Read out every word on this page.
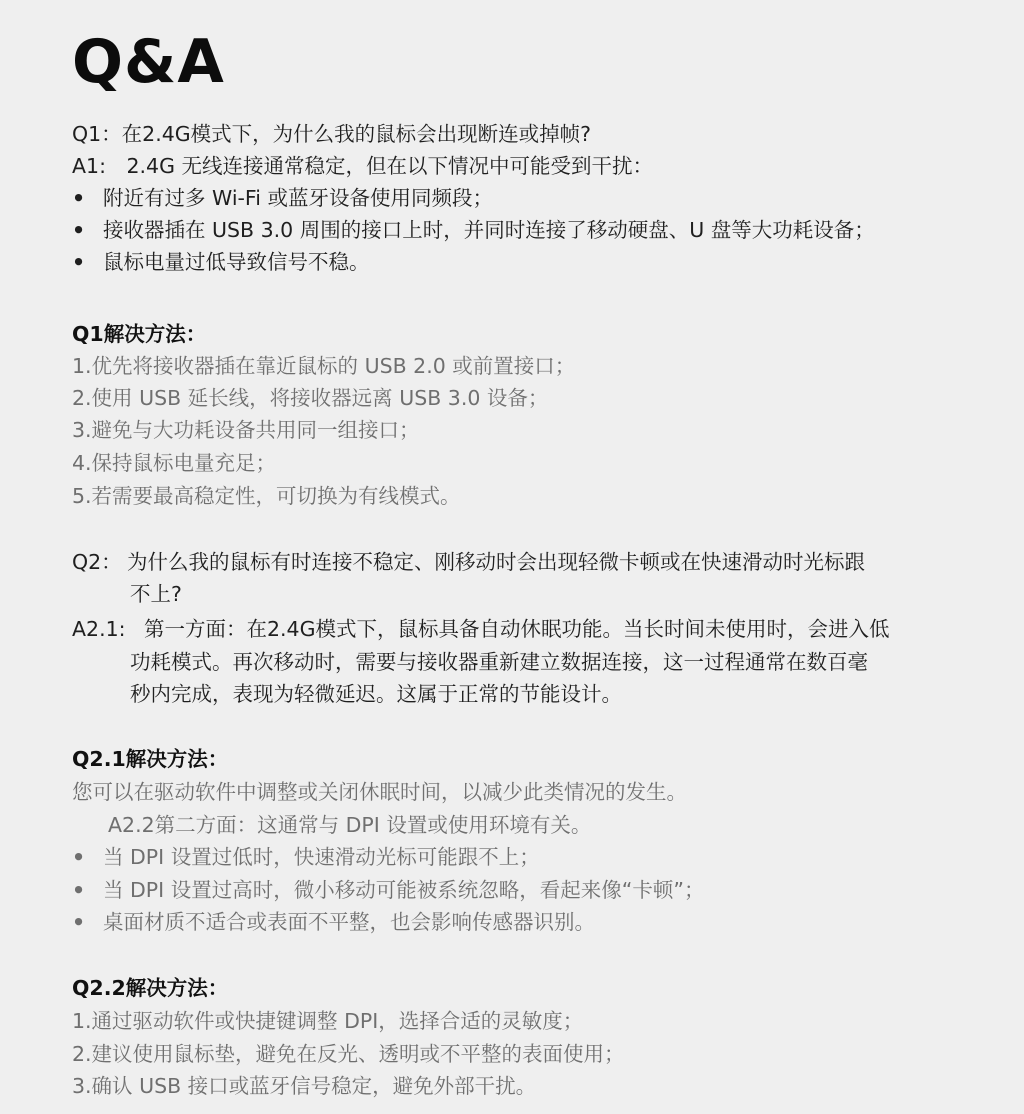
Q&A
Q1：在2.4G模式下，为什么我的鼠标会出现断连或掉帧?
A1:　2.4G 无线连接通常稳定，但在以下情况中可能受到干扰：
• 附近有过多 Wi-Fi 或蓝牙设备使用同频段；
• 接收器插在 USB 3.0 周围的接口上时，并同时连接了移动硬盘、U 盘等大功耗设备；
• 鼠标电量过低导致信号不稳。
Q1解决方法：
1.优先将接收器插在靠近鼠标的 USB 2.0 或前置接口；
2.使用 USB 延长线，将接收器远离 USB 3.0 设备；
3.避免与大功耗设备共用同一组接口；
4.保持鼠标电量充足；
5.若需要最高稳定性，可切换为有线模式。
Q2： 为什么我的鼠标有时连接不稳定、刚移动时会出现轻微卡顿或在快速滑动时光标跟
不上?
A2.1: 第一方面：在2.4G模式下，鼠标具备自动休眠功能。当长时间未使用时，会进入低
功耗模式。再次移动时，需要与接收器重新建立数据连接，这一过程通常在数百毫
秒内完成，表现为轻微延迟。这属于正常的节能设计。
Q2.1解决方法：
您可以在驱动软件中调整或关闭休眠时间，以减少此类情况的发生。
A2.2第二方面：这通常与 DPI 设置或使用环境有关。
• 当 DPI 设置过低时，快速滑动光标可能跟不上；
• 当 DPI 设置过高时，微小移动可能被系统忽略，看起来像“卡顿”；
• 桌面材质不适合或表面不平整，也会影响传感器识别。
Q2.2解决方法：
1.通过驱动软件或快捷键调整 DPI，选择合适的灵敏度；
2.建议使用鼠标垫，避免在反光、透明或不平整的表面使用；
3.确认 USB 接口或蓝牙信号稳定，避免外部干扰。
